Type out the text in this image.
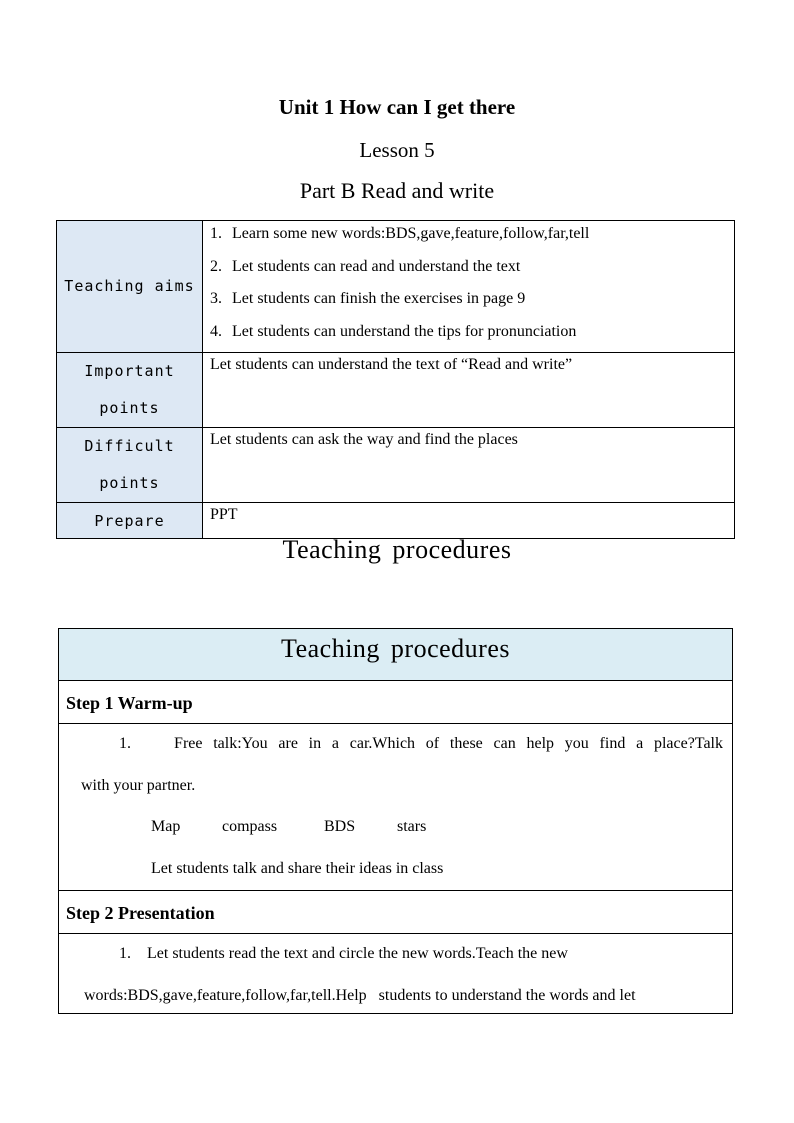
Unit 1 How can I get there
Lesson 5
Part B Read and write
Teaching aims	1. Learn some new words:BDS,gave,feature,follow,far,tell
2. Let students can read and understand the text
3. Let students can finish the exercises in page 9
4. Let students can understand the tips for pronunciation

Important
points	Let students can understand the text of “Read and write”

Difficult
points	Let students can ask the way and find the places
Prepare	PPT
Teaching procedures
Teaching procedures
Step 1 Warm-up
1.	Free talk:You are in a car.Which of these can help you find a place?Talk
with your partner.
Map	compass	BDS	stars
Let students talk and share their ideas in class
Step 2 Presentation
1. Let students read the text and circle the new words.Teach the new
words:BDS,gave,feature,follow,far,tell.Help   students to understand the words and let
